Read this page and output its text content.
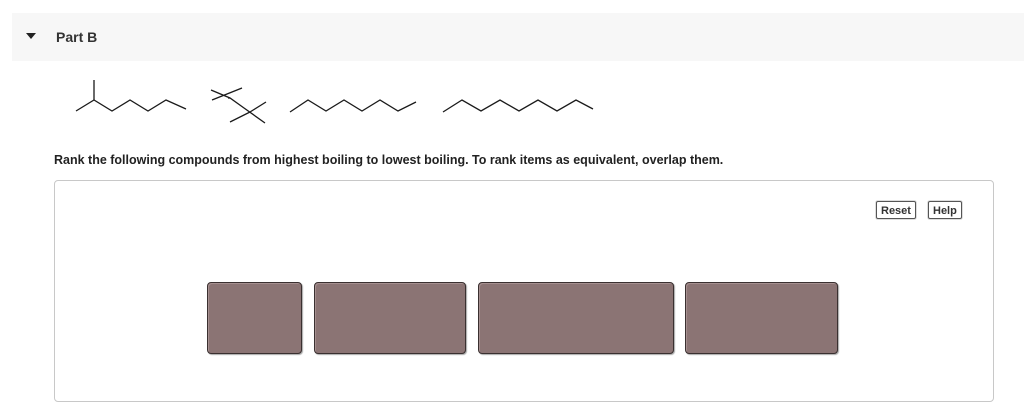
Part B
Rank the following compounds from highest boiling to lowest boiling. To rank items as equivalent, overlap them.
Reset	Help
